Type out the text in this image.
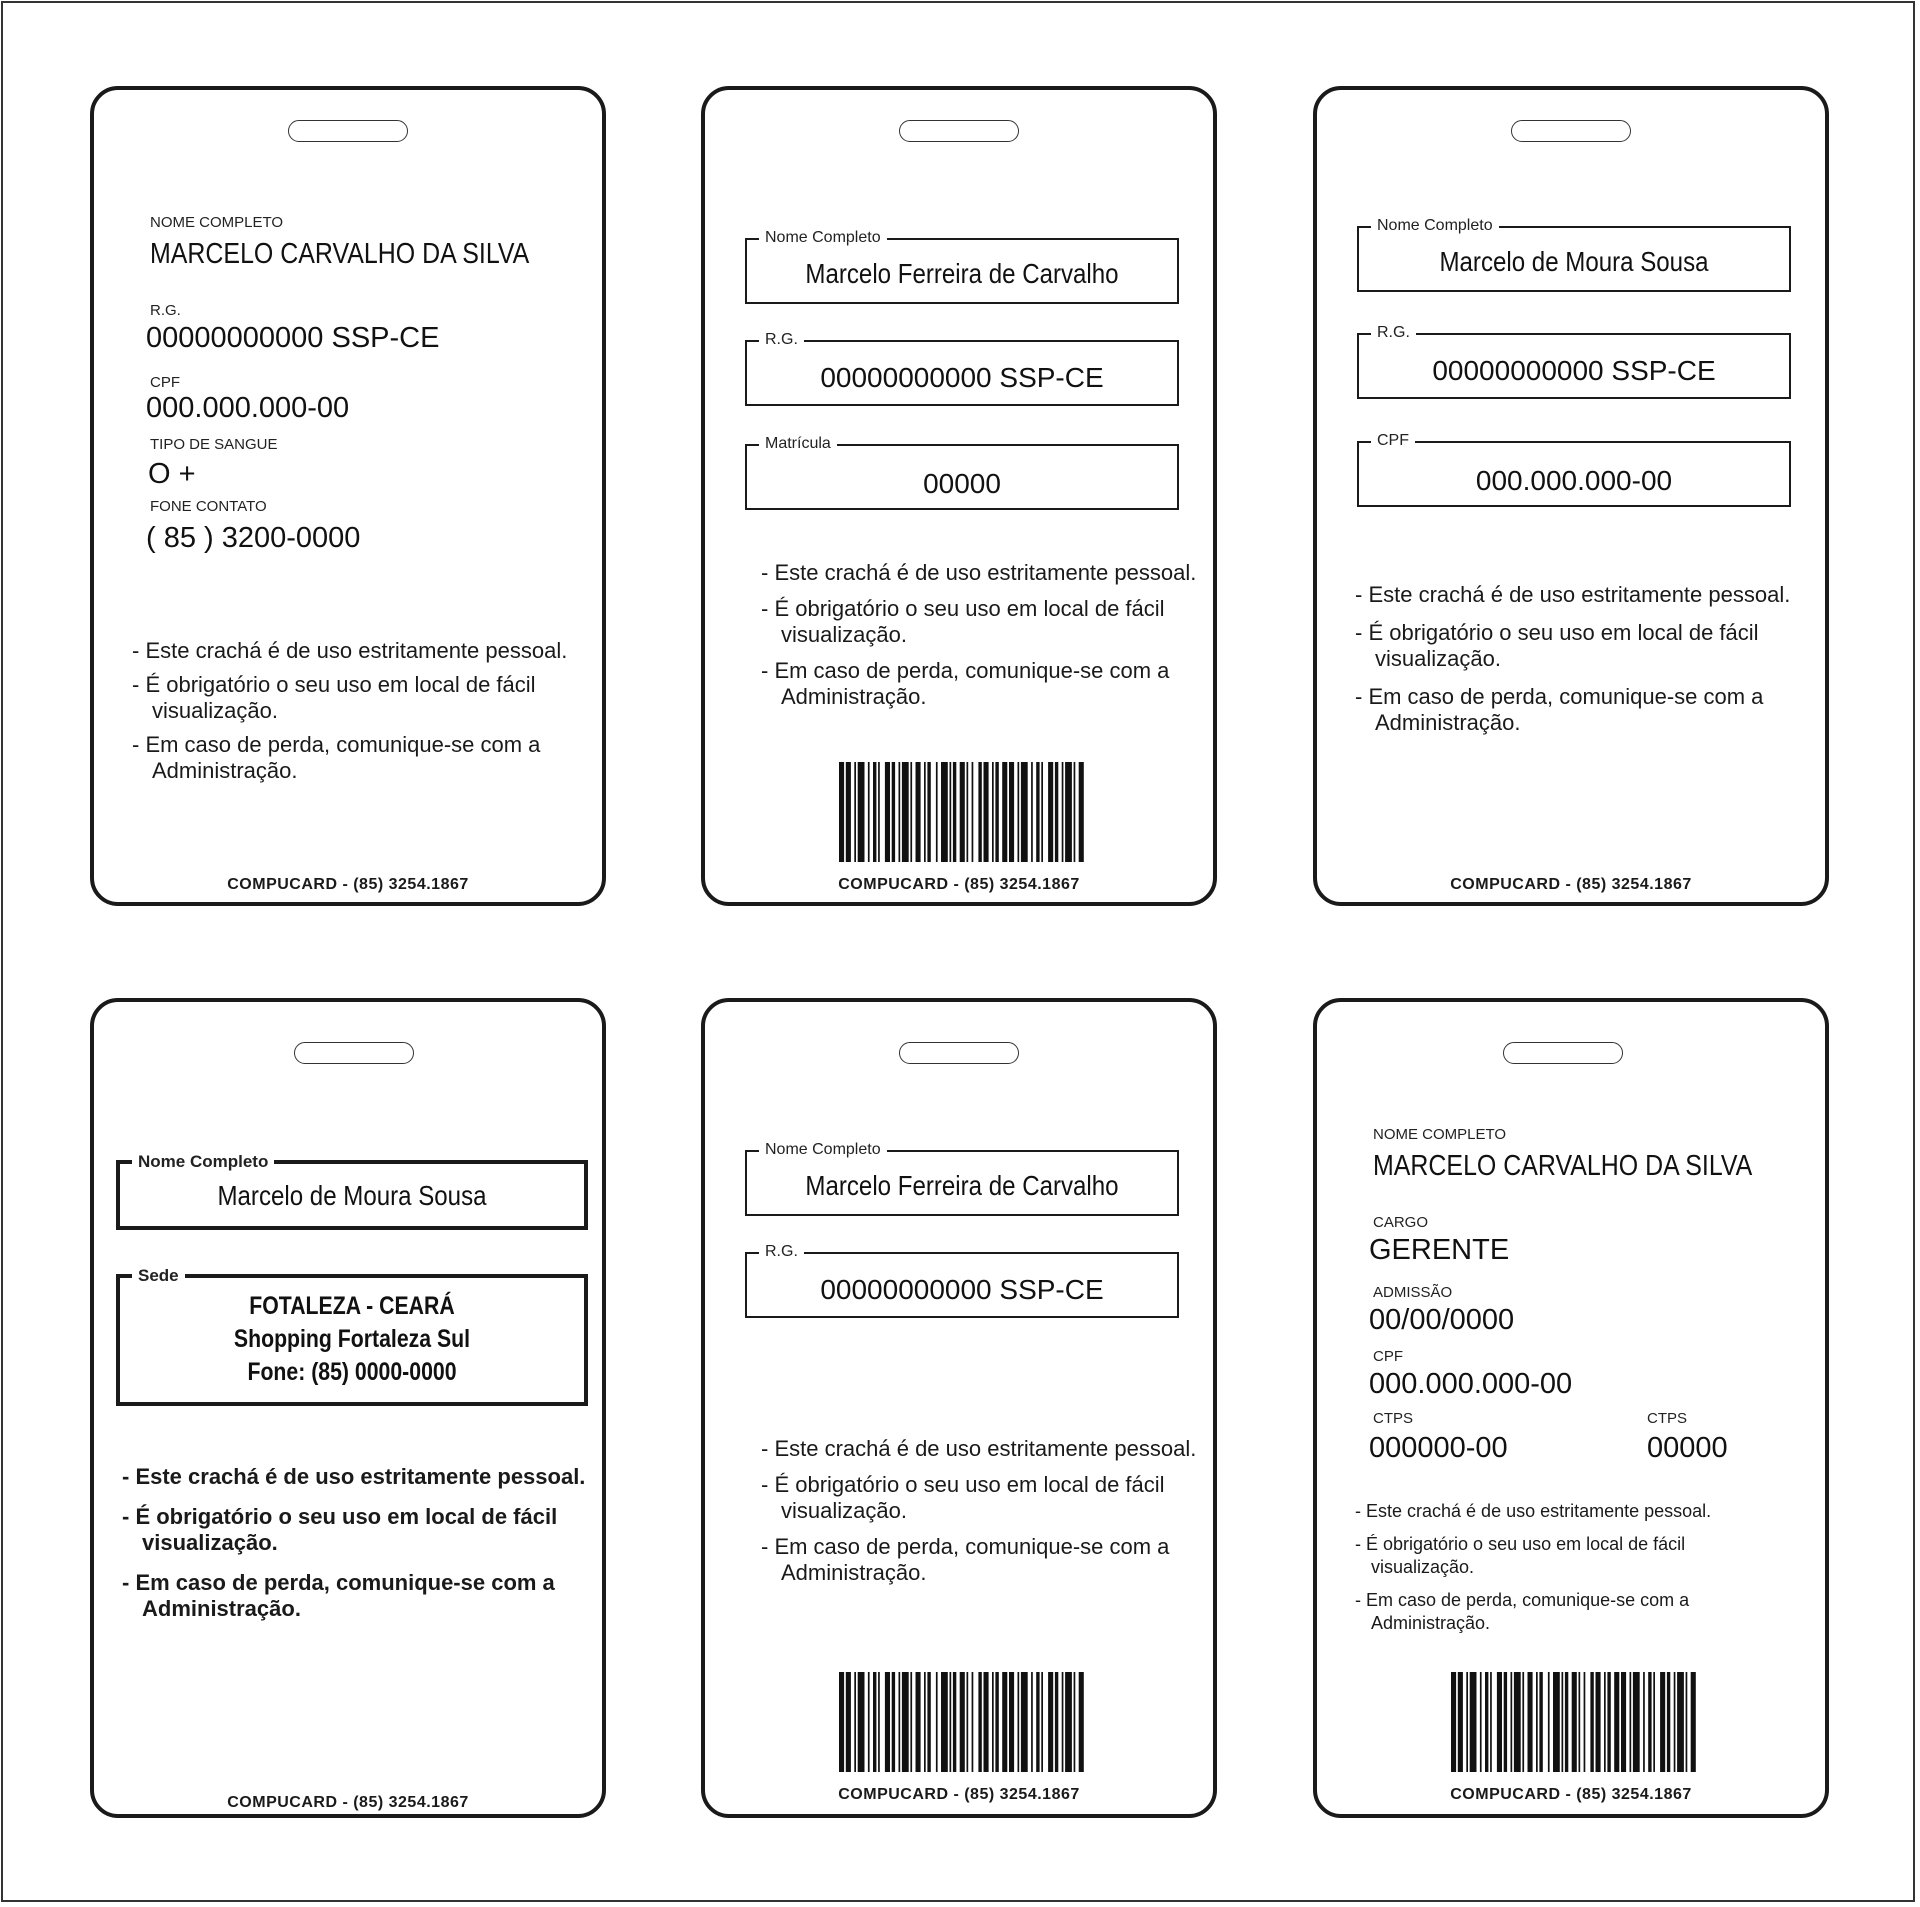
NOME COMPLETO
MARCELO CARVALHO DA SILVA
R.G.
00000000000 SSP-CE
CPF
000.000.000-00
TIPO DE SANGUE
O +
FONE CONTATO
( 85 ) 3200-0000
- Este crachá é de uso estritamente pessoal.
- É obrigatório o seu uso em local de fácil
visualização.
- Em caso de perda, comunique-se com a
Administração.
COMPUCARD - (85) 3254.1867
Nome Completo
Marcelo Ferreira de Carvalho
R.G.
00000000000 SSP-CE
Matrícula
00000
- Este crachá é de uso estritamente pessoal.
- É obrigatório o seu uso em local de fácil
visualização.
- Em caso de perda, comunique-se com a
Administração.
COMPUCARD - (85) 3254.1867
Nome Completo
Marcelo de Moura Sousa
R.G.
00000000000 SSP-CE
CPF
000.000.000-00
- Este crachá é de uso estritamente pessoal.
- É obrigatório o seu uso em local de fácil
visualização.
- Em caso de perda, comunique-se com a
Administração.
COMPUCARD - (85) 3254.1867
Nome Completo
Marcelo de Moura Sousa
Sede
FOTALEZA - CEARÁ
Shopping Fortaleza Sul
Fone: (85) 0000-0000
- Este crachá é de uso estritamente pessoal.
- É obrigatório o seu uso em local de fácil
visualização.
- Em caso de perda, comunique-se com a
Administração.
COMPUCARD - (85) 3254.1867
Nome Completo
Marcelo Ferreira de Carvalho
R.G.
00000000000 SSP-CE
- Este crachá é de uso estritamente pessoal.
- É obrigatório o seu uso em local de fácil
visualização.
- Em caso de perda, comunique-se com a
Administração.
COMPUCARD - (85) 3254.1867
NOME COMPLETO
MARCELO CARVALHO DA SILVA
CARGO
GERENTE
ADMISSÃO
00/00/0000
CPF
000.000.000-00
CTPS
000000-00
CTPS
00000
- Este crachá é de uso estritamente pessoal.
- É obrigatório o seu uso em local de fácil
visualização.
- Em caso de perda, comunique-se com a
Administração.
COMPUCARD - (85) 3254.1867
